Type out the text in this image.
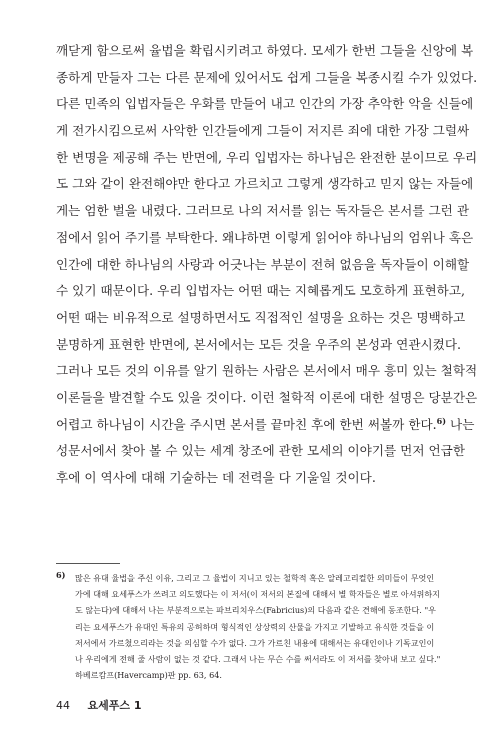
깨닫게 함으로써 율법을 확립시키려고 하였다. 모세가 한번 그들을 신앙에 복
종하게 만들자 그는 다른 문제에 있어서도 쉽게 그들을 복종시킬 수가 있었다.
다른 민족의 입법자들은 우화를 만들어 내고 인간의 가장 추악한 악을 신들에
게 전가시킴으로써 사악한 인간들에게 그들이 저지른 죄에 대한 가장 그럴싸
한 변명을 제공해 주는 반면에, 우리 입법자는 하나님은 완전한 분이므로 우리
도 그와 같이 완전해야만 한다고 가르치고 그렇게 생각하고 믿지 않는 자들에
게는 엄한 벌을 내렸다. 그러므로 나의 저서를 읽는 독자들은 본서를 그런 관
점에서 읽어 주기를 부탁한다. 왜냐하면 이렇게 읽어야 하나님의 엄위나 혹은
인간에 대한 하나님의 사랑과 어긋나는 부분이 전혀 없음을 독자들이 이해할
수 있기 때문이다. 우리 입법자는 어떤 때는 지혜롭게도 모호하게 표현하고,
어떤 때는 비유적으로 설명하면서도 직접적인 설명을 요하는 것은 명백하고
분명하게 표현한 반면에, 본서에서는 모든 것을 우주의 본성과 연관시켰다.
그러나 모든 것의 이유를 알기 원하는 사람은 본서에서 매우 흥미 있는 철학적
이론들을 발견할 수도 있을 것이다. 이런 철학적 이론에 대한 설명은 당분간은
어렵고 하나님이 시간을 주시면 본서를 끝마친 후에 한번 써볼까 한다. $^{6)}$ 나는
성문서에서 찾아 볼 수 있는 세계 창조에 관한 모세의 이야기를 먼저 언급한
후에 이 역사에 대해 기술하는 데 전력을 다 기울일 것이다.
6) 많은 유대 율법을 주신 이유, 그리고 그 율법이 지니고 있는 철학적 혹은 알레고리컬한 의미들이 무엇인
가에 대해 요세푸스가 쓰려고 의도했다는 이 저서(이 저서의 본질에 대해서 별 학자들은 별로 아셔위하지
도 않는다)에 대해서 나는 부분적으로는 파브리치우스(Fabricius)의 다음과 같은 견해에 동조한다. "우
리는 요세푸스가 유대인 특유의 공허하며 형식적인 상상력의 산물을 가지고 기발하고 유식한 것들을 이
저서에서 가르쳤으리라는 것을 의심할 수가 없다. 그가 가르친 내용에 대해서는 유대인이나 기독교인이
나 우리에게 전해 줄 사람이 없는 것 같다. 그래서 나는 무슨 수를 써서라도 이 저서를 찾아내 보고 싶다."
하베르캄프(Havercamp)판 pp. 63, 64.
44 요세푸스 1
